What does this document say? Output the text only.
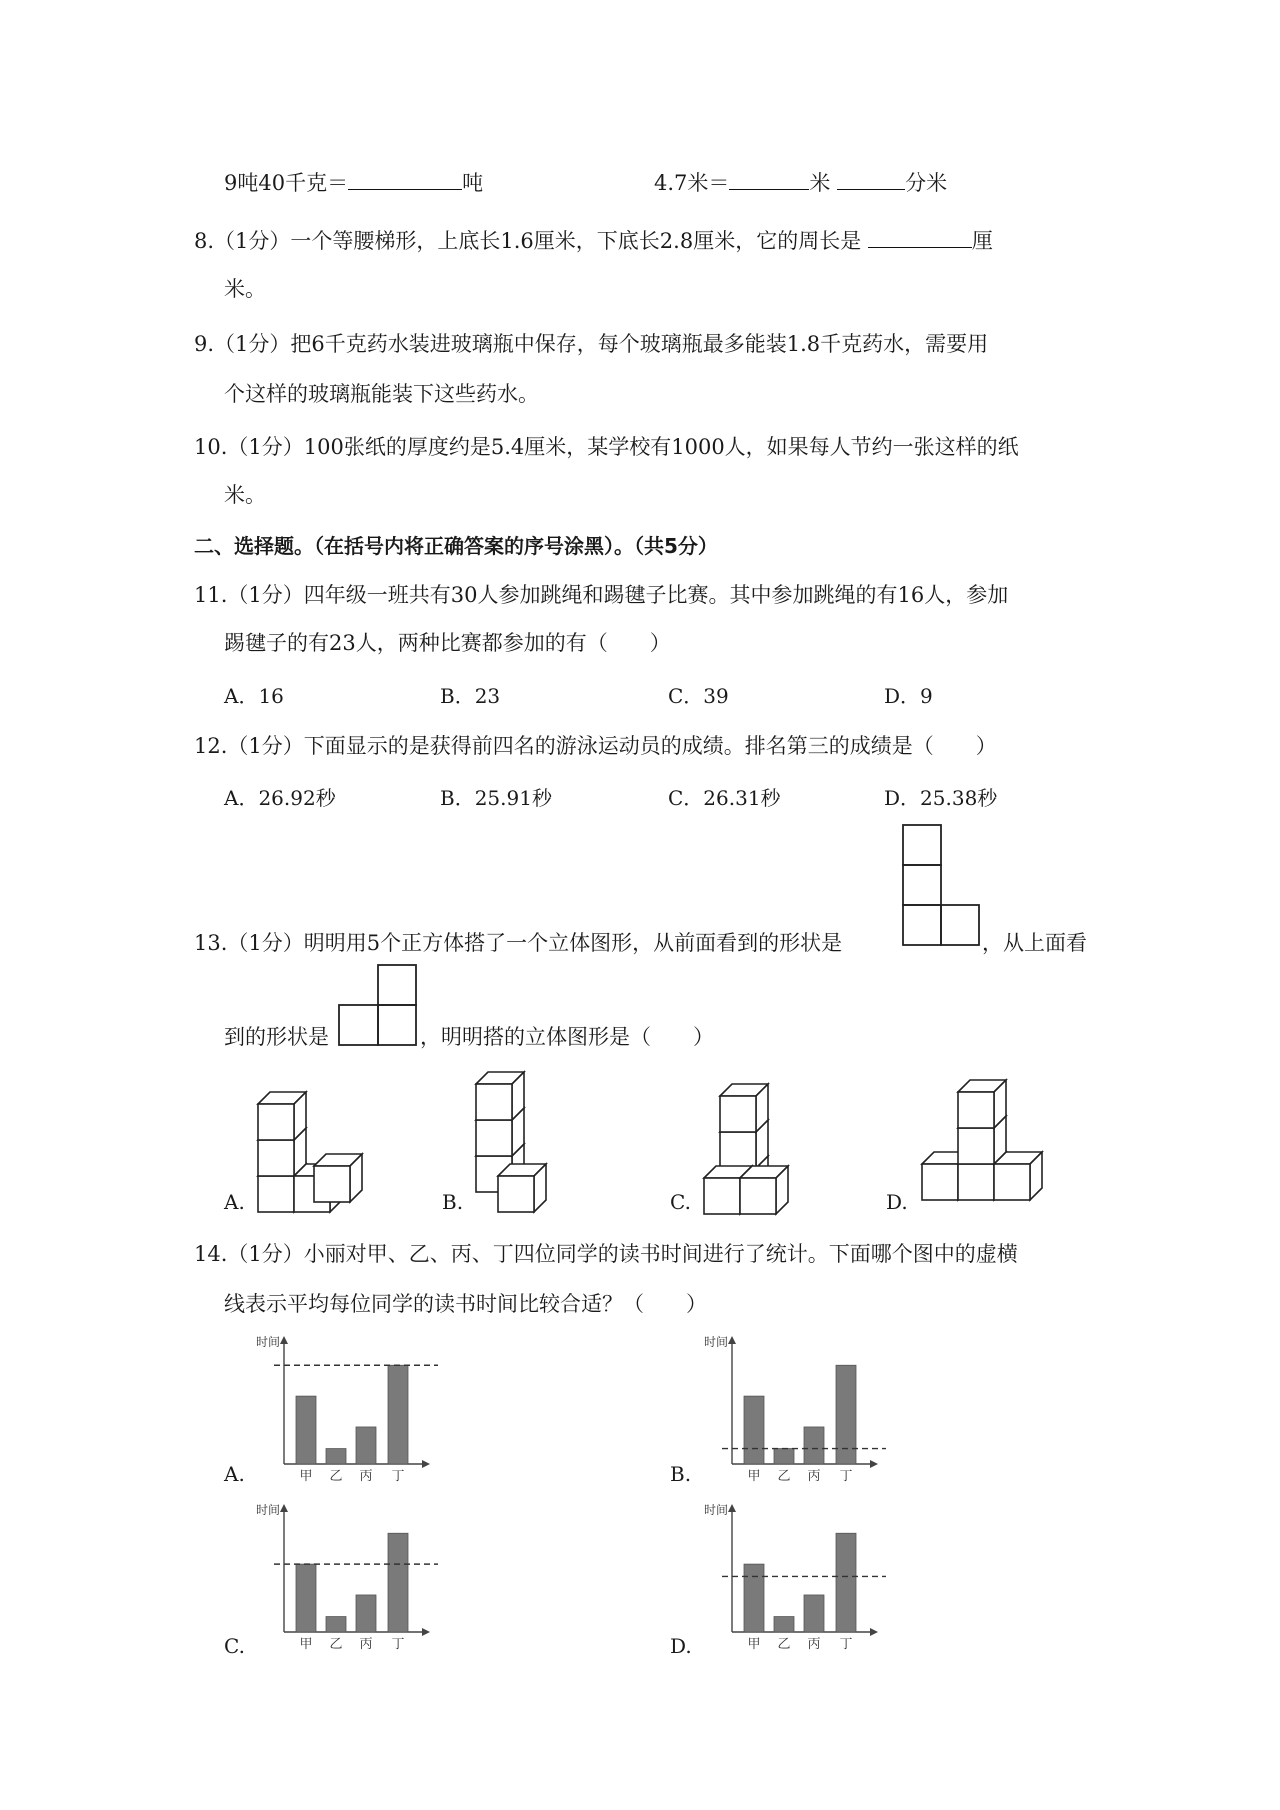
9吨40千克＝	吨	4.7米＝	米	分米
8.（1分）一个等腰梯形，上底长1.6厘米，下底长2.8厘米，它的周长是	厘
米。
9.（1分）把6千克药水装进玻璃瓶中保存，每个玻璃瓶最多能装1.8千克药水，需要用
个这样的玻璃瓶能装下这些药水。
10.（1分）100张纸的厚度约是5.4厘米，某学校有1000人，如果每人节约一张这样的纸
米。
二、选择题。（在括号内将正确答案的序号涂黑）。（共5分）
11.（1分）四年级一班共有30人参加跳绳和踢毽子比赛。其中参加跳绳的有16人，参加
踢毽子的有23人，两种比赛都参加的有（　　）
A．16	B．23	C．39	D．9
12.（1分）下面显示的是获得前四名的游泳运动员的成绩。排名第三的成绩是（　　）
A．26.92秒	B．25.91秒	C．26.31秒	D．25.38秒
13.（1分）明明用5个正方体搭了一个立体图形，从前面看到的形状是	，从上面看
到的形状是	，明明搭的立体图形是（　　）
A.	B.	C.	D.
14.（1分）小丽对甲、乙、丙、丁四位同学的读书时间进行了统计。下面哪个图中的虚横
线表示平均每位同学的读书时间比较合适？（　　）
时间
甲 乙 丙 丁
A.
时间
甲 乙 丙 丁
B.
时间
甲 乙 丙 丁
C.
时间
甲 乙 丙 丁
D.
